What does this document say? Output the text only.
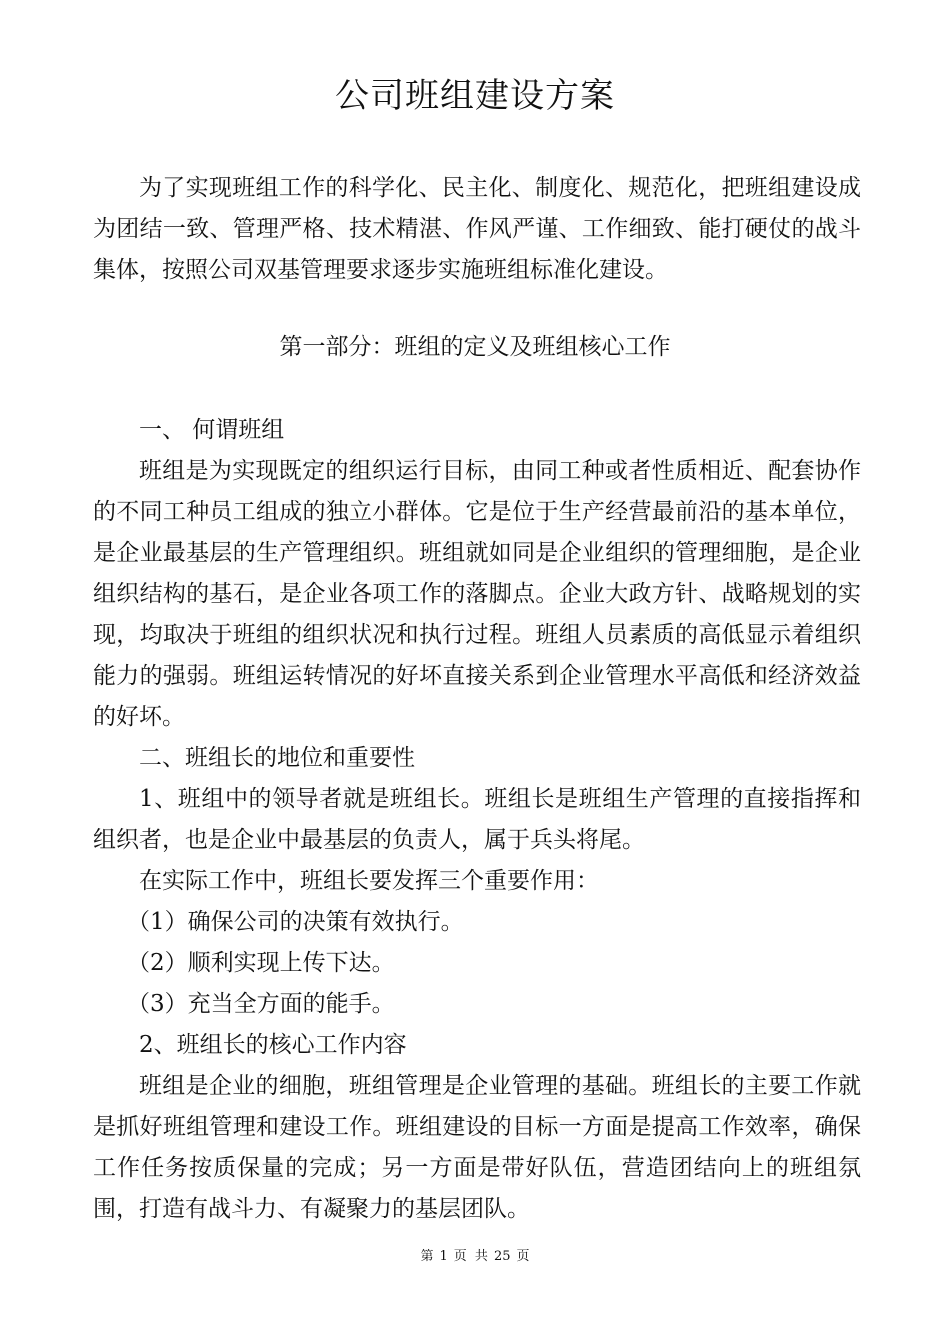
公司班组建设方案

为了实现班组工作的科学化、民主化、制度化、规范化，把班组建设成为团结一致、管理严格、技术精湛、作风严谨、工作细致、能打硬仗的战斗集体，按照公司双基管理要求逐步实施班组标准化建设。

第一部分：班组的定义及班组核心工作

一、 何谓班组

班组是为实现既定的组织运行目标，由同工种或者性质相近、配套协作的不同工种员工组成的独立小群体。它是位于生产经营最前沿的基本单位，是企业最基层的生产管理组织。班组就如同是企业组织的管理细胞，是企业组织结构的基石，是企业各项工作的落脚点。企业大政方针、战略规划的实现，均取决于班组的组织状况和执行过程。班组人员素质的高低显示着组织能力的强弱。班组运转情况的好坏直接关系到企业管理水平高低和经济效益的好坏。

二、班组长的地位和重要性

1、班组中的领导者就是班组长。班组长是班组生产管理的直接指挥和组织者，也是企业中最基层的负责人，属于兵头将尾。

在实际工作中，班组长要发挥三个重要作用：

（1）确保公司的决策有效执行。

（2）顺利实现上传下达。

（3）充当全方面的能手。

2、班组长的核心工作内容

班组是企业的细胞，班组管理是企业管理的基础。班组长的主要工作就是抓好班组管理和建设工作。班组建设的目标一方面是提高工作效率，确保工作任务按质保量的完成；另一方面是带好队伍，营造团结向上的班组氛围，打造有战斗力、有凝聚力的基层团队。

第 1 页 共 25 页
